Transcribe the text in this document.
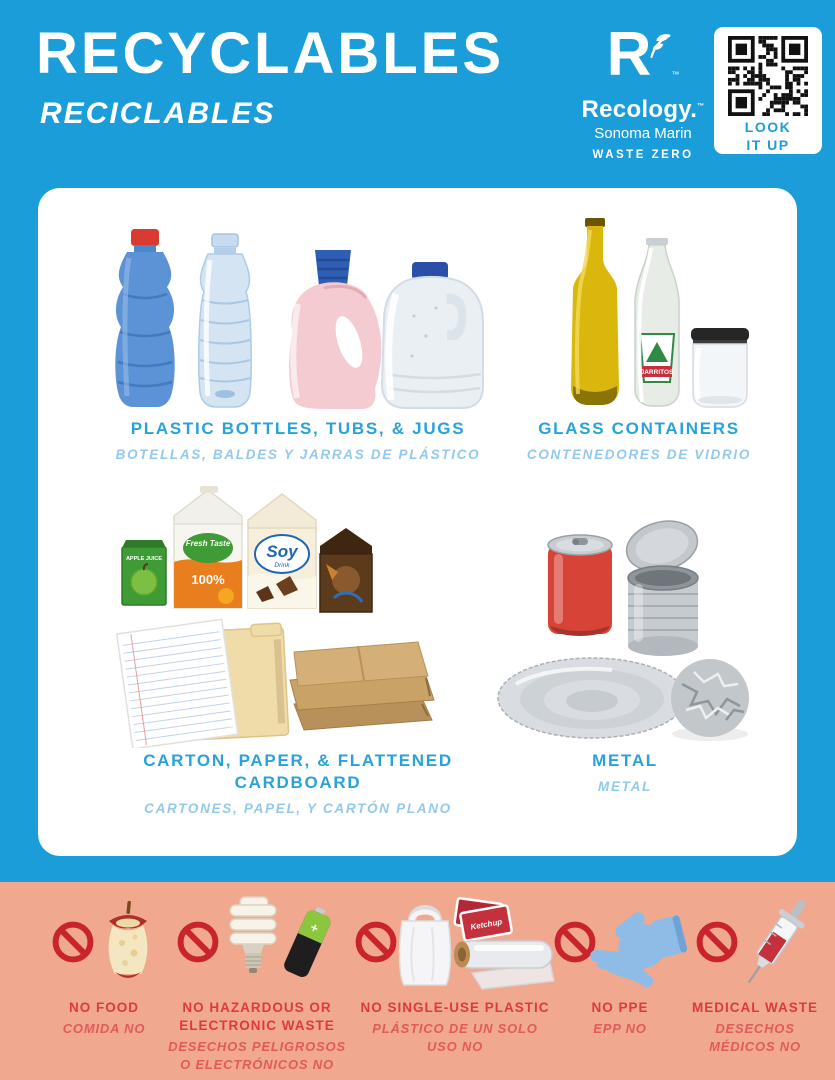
RECYCLABLES
RECICLABLES
R	™
Recology.™
Sonoma Marin
WASTE ZERO
LOOK
IT UP
JARRITOS
Fresh Taste
100%
Soy
Drink
APPLE JUICE
PLASTIC BOTTLES, TUBS, & JUGS

BOTELLAS, BALDES Y JARRAS DE PLÁSTICO

GLASS CONTAINERS

CONTENEDORES DE VIDRIO

CARTON, PAPER, & FLATTENED CARDBOARD

CARTONES, PAPEL, Y CARTÓN PLANO

METAL

METAL

NO FOOD

COMIDA NO

+
NO HAZARDOUS OR ELECTRONIC WASTE

DESECHOS PELIGROSOS O ELECTRÓNICOS NO

Ketchup
NO SINGLE-USE PLASTIC

PLÁSTICO DE UN SOLO USO NO

NO PPE

EPP NO

MEDICAL WASTE

DESECHOS MÉDICOS NO
